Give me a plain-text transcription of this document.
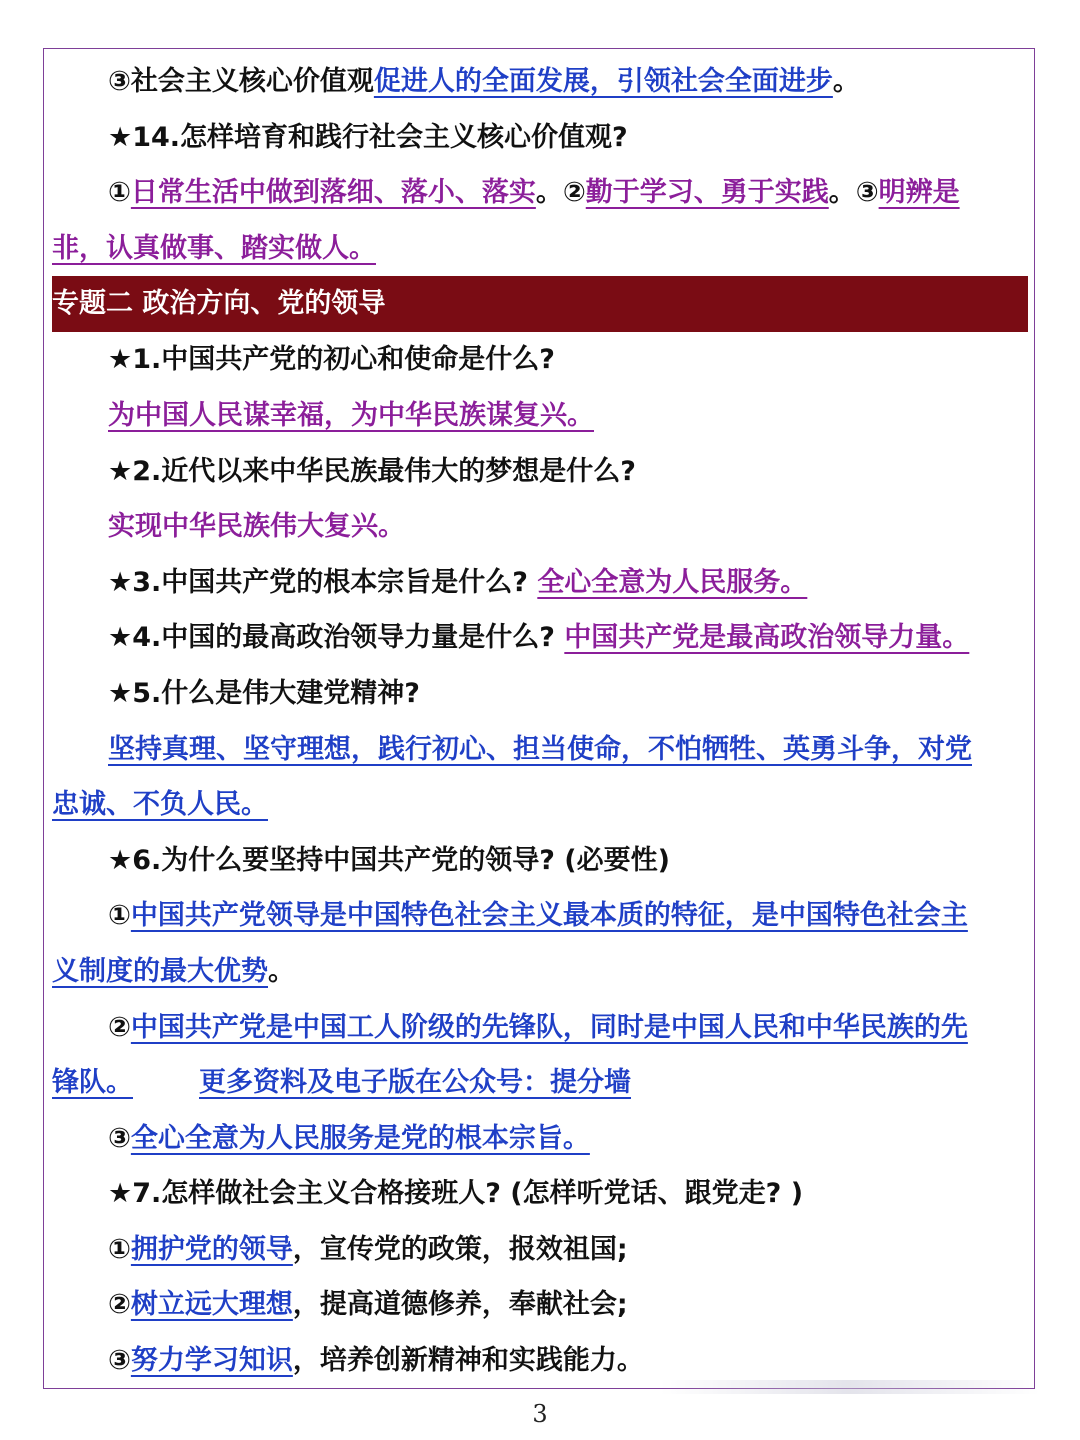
③社会主义核心价值观促进人的全面发展，引领社会全面进步。
★14.怎样培育和践行社会主义核心价值观?
①日常生活中做到落细、落小、落实。②勤于学习、勇于实践。③明辨是
非，认真做事、踏实做人。
专题二 政治方向、党的领导
★1.中国共产党的初心和使命是什么?
为中国人民谋幸福，为中华民族谋复兴。
★2.近代以来中华民族最伟大的梦想是什么?
实现中华民族伟大复兴。
★3.中国共产党的根本宗旨是什么? 全心全意为人民服务。
★4.中国的最高政治领导力量是什么? 中国共产党是最高政治领导力量。
★5.什么是伟大建党精神?
坚持真理、坚守理想，践行初心、担当使命，不怕牺牲、英勇斗争，对党
忠诚、不负人民。
★6.为什么要坚持中国共产党的领导? (必要性)
①中国共产党领导是中国特色社会主义最本质的特征，是中国特色社会主
义制度的最大优势。
②中国共产党是中国工人阶级的先锋队，同时是中国人民和中华民族的先
锋队。 更多资料及电子版在公众号：提分墙
③全心全意为人民服务是党的根本宗旨。
★7.怎样做社会主义合格接班人? (怎样听党话、跟党走? )
①拥护党的领导，宣传党的政策，报效祖国;
②树立远大理想，提高道德修养，奉献社会;
③努力学习知识，培养创新精神和实践能力。
3
